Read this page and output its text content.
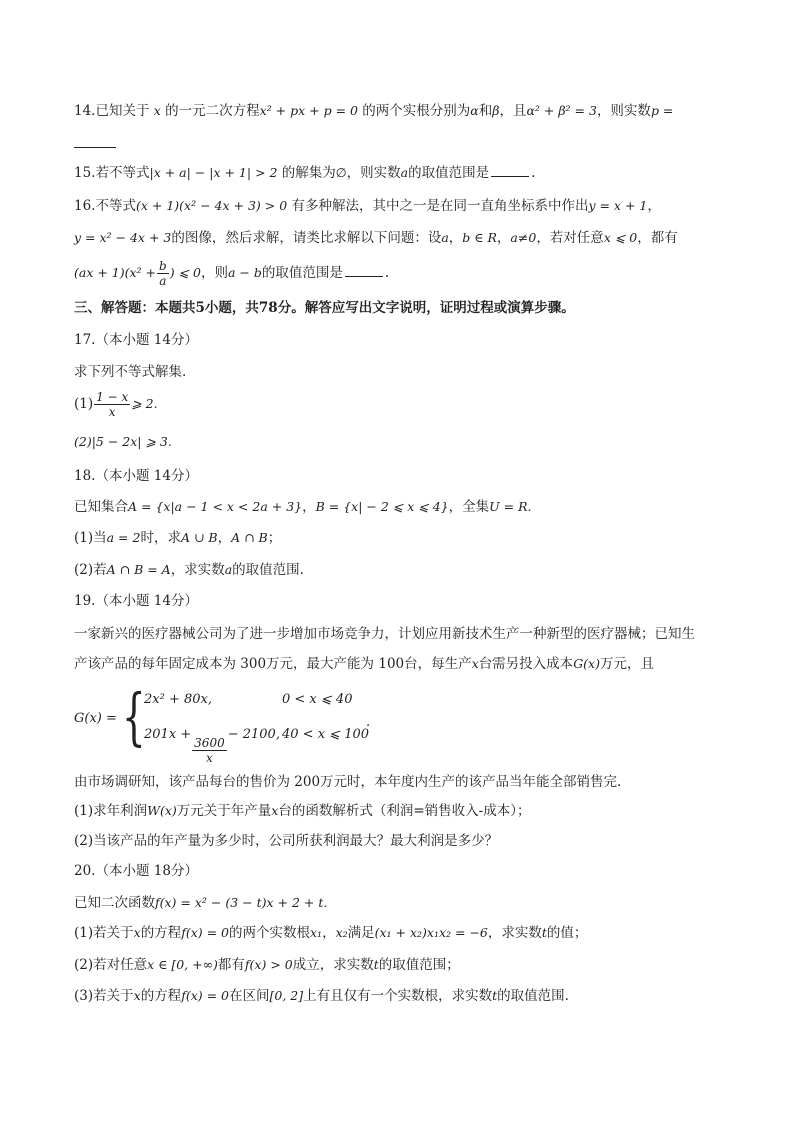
14.已知关于 x 的一元二次方程x² + px + p = 0 的两个实根分别为α和β，且α² + β² = 3，则实数p =
15.若不等式|x + a| − |x + 1| > 2 的解集为∅，则实数a的取值范围是	.
16.不等式(x + 1)(x² − 4x + 3) > 0 有多种解法，其中之一是在同一直角坐标系中作出y = x + 1，
y = x² − 4x + 3的图像，然后求解，请类比求解以下问题：设a，b ∈ R，a≠0，若对任意x ⩽ 0，都有
$(ax + 1)(x^2 + \frac{b}{a}$ ) ⩽ 0，则a − b的取值范围是	.
三、解答题：本题共5小题，共78分。解答应写出文字说明，证明过程或演算步骤。
17.（本小题 14分）
求下列不等式解集.
$(1) \frac{1 - x}{x}$ ⩾ 2.
(2)|5 − 2x| ⩾ 3.
18.（本小题 14分）
已知集合A = {x|a − 1 < x < 2a + 3}，B = {x| − 2 ⩽ x ⩽ 4}，全集U = R.
(1)当a = 2时，求A ∪ B，A ∩ B；
(2)若A ∩ B = A，求实数a的取值范围.
19.（本小题 14分）
一家新兴的医疗器械公司为了进一步增加市场竞争力，计划应用新技术生产一种新型的医疗器械；已知生
产该产品的每年固定成本为 300万元，最大产能为 100台，每生产x台需另投入成本G(x)万元，且
G(x) = {
2x² + 80x,	0 < x ⩽ 40
201x +
$\frac{3600}{x}$
− 2100, 40 < x ⩽ 100
.
由市场调研知，该产品每台的售价为 200万元时，本年度内生产的该产品当年能全部销售完.
(1)求年利润W(x)万元关于年产量x台的函数解析式（利润=销售收入-成本）；
(2)当该产品的年产量为多少时，公司所获利润最大？最大利润是多少？
20.（本小题 18分）
已知二次函数f(x) = x² − (3 − t)x + 2 + t.
(1)若关于x的方程f(x) = 0的两个实数根x₁，x₂满足(x₁ + x₂)x₁x₂ = −6，求实数t的值；
(2)若对任意x ∈ [0, +∞)都有f(x) > 0成立，求实数t的取值范围；
(3)若关于x的方程f(x) = 0在区间[0, 2]上有且仅有一个实数根，求实数t的取值范围.
